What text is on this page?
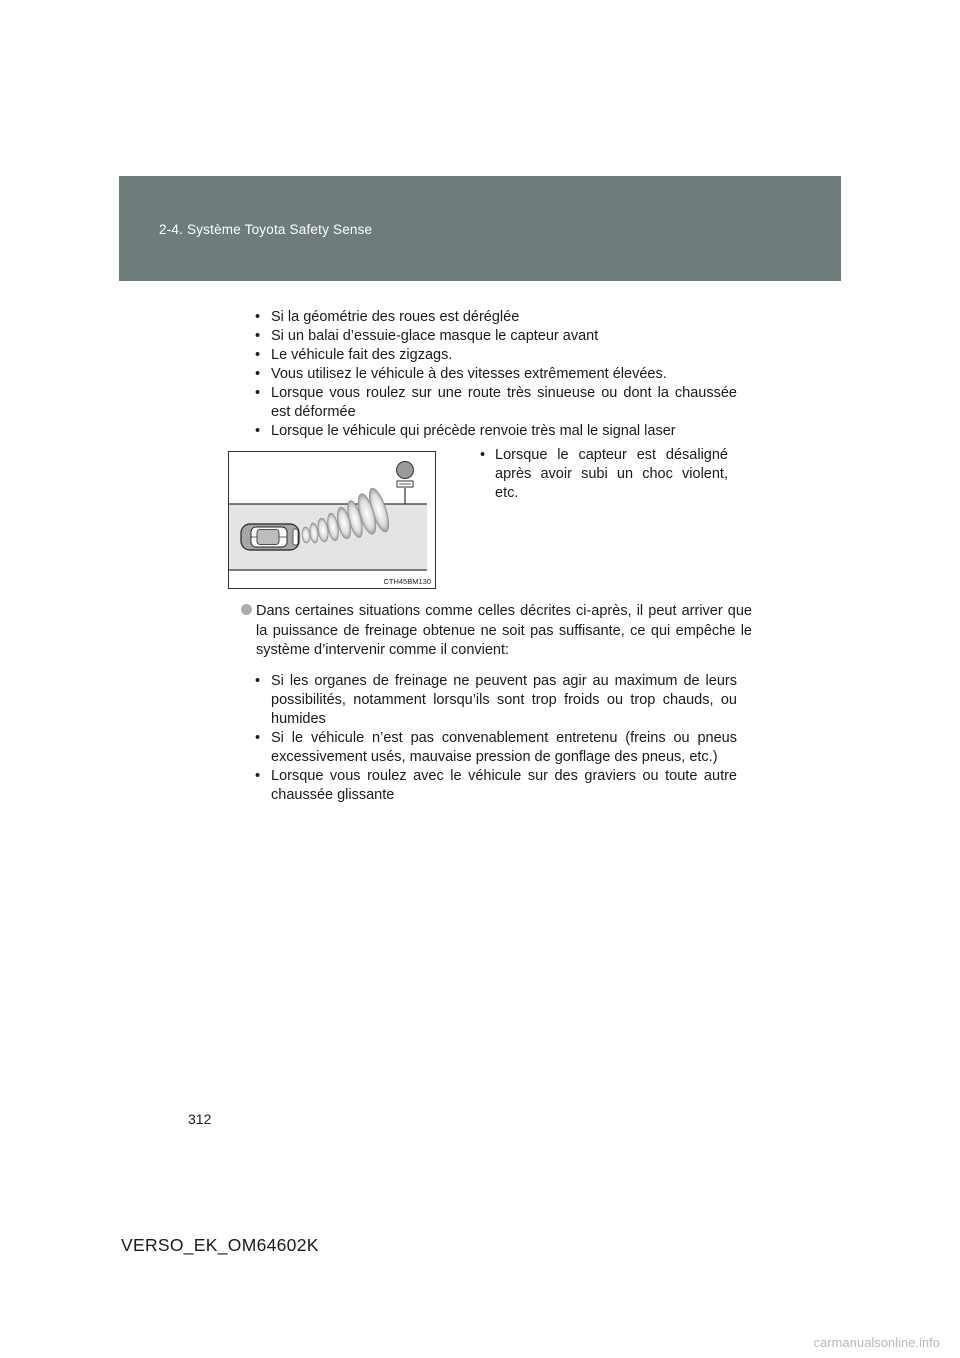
2-4. Système Toyota Safety Sense
• Si la géométrie des roues est déréglée
• Si un balai d’essuie-glace masque le capteur avant
• Le véhicule fait des zigzags.
• Vous utilisez le véhicule à des vitesses extrêmement élevées.
• Lorsque vous roulez sur une route très sinueuse ou dont la chaussée est déformée
• Lorsque le véhicule qui précède renvoie très mal le signal laser
CTH45BM130
• Lorsque le capteur est désaligné après avoir subi un choc violent, etc.
Dans certaines situations comme celles décrites ci-après, il peut arriver que la puissance de freinage obtenue ne soit pas suffisante, ce qui empêche le système d’intervenir comme il convient:
• Si les organes de freinage ne peuvent pas agir au maximum de leurs possibilités, notamment lorsqu’ils sont trop froids ou trop chauds, ou humides
• Si le véhicule n’est pas convenablement entretenu (freins ou pneus excessivement usés, mauvaise pression de gonflage des pneus, etc.)
• Lorsque vous roulez avec le véhicule sur des graviers ou toute autre chaussée glissante
312
VERSO_EK_OM64602K
carmanualsonline.info
